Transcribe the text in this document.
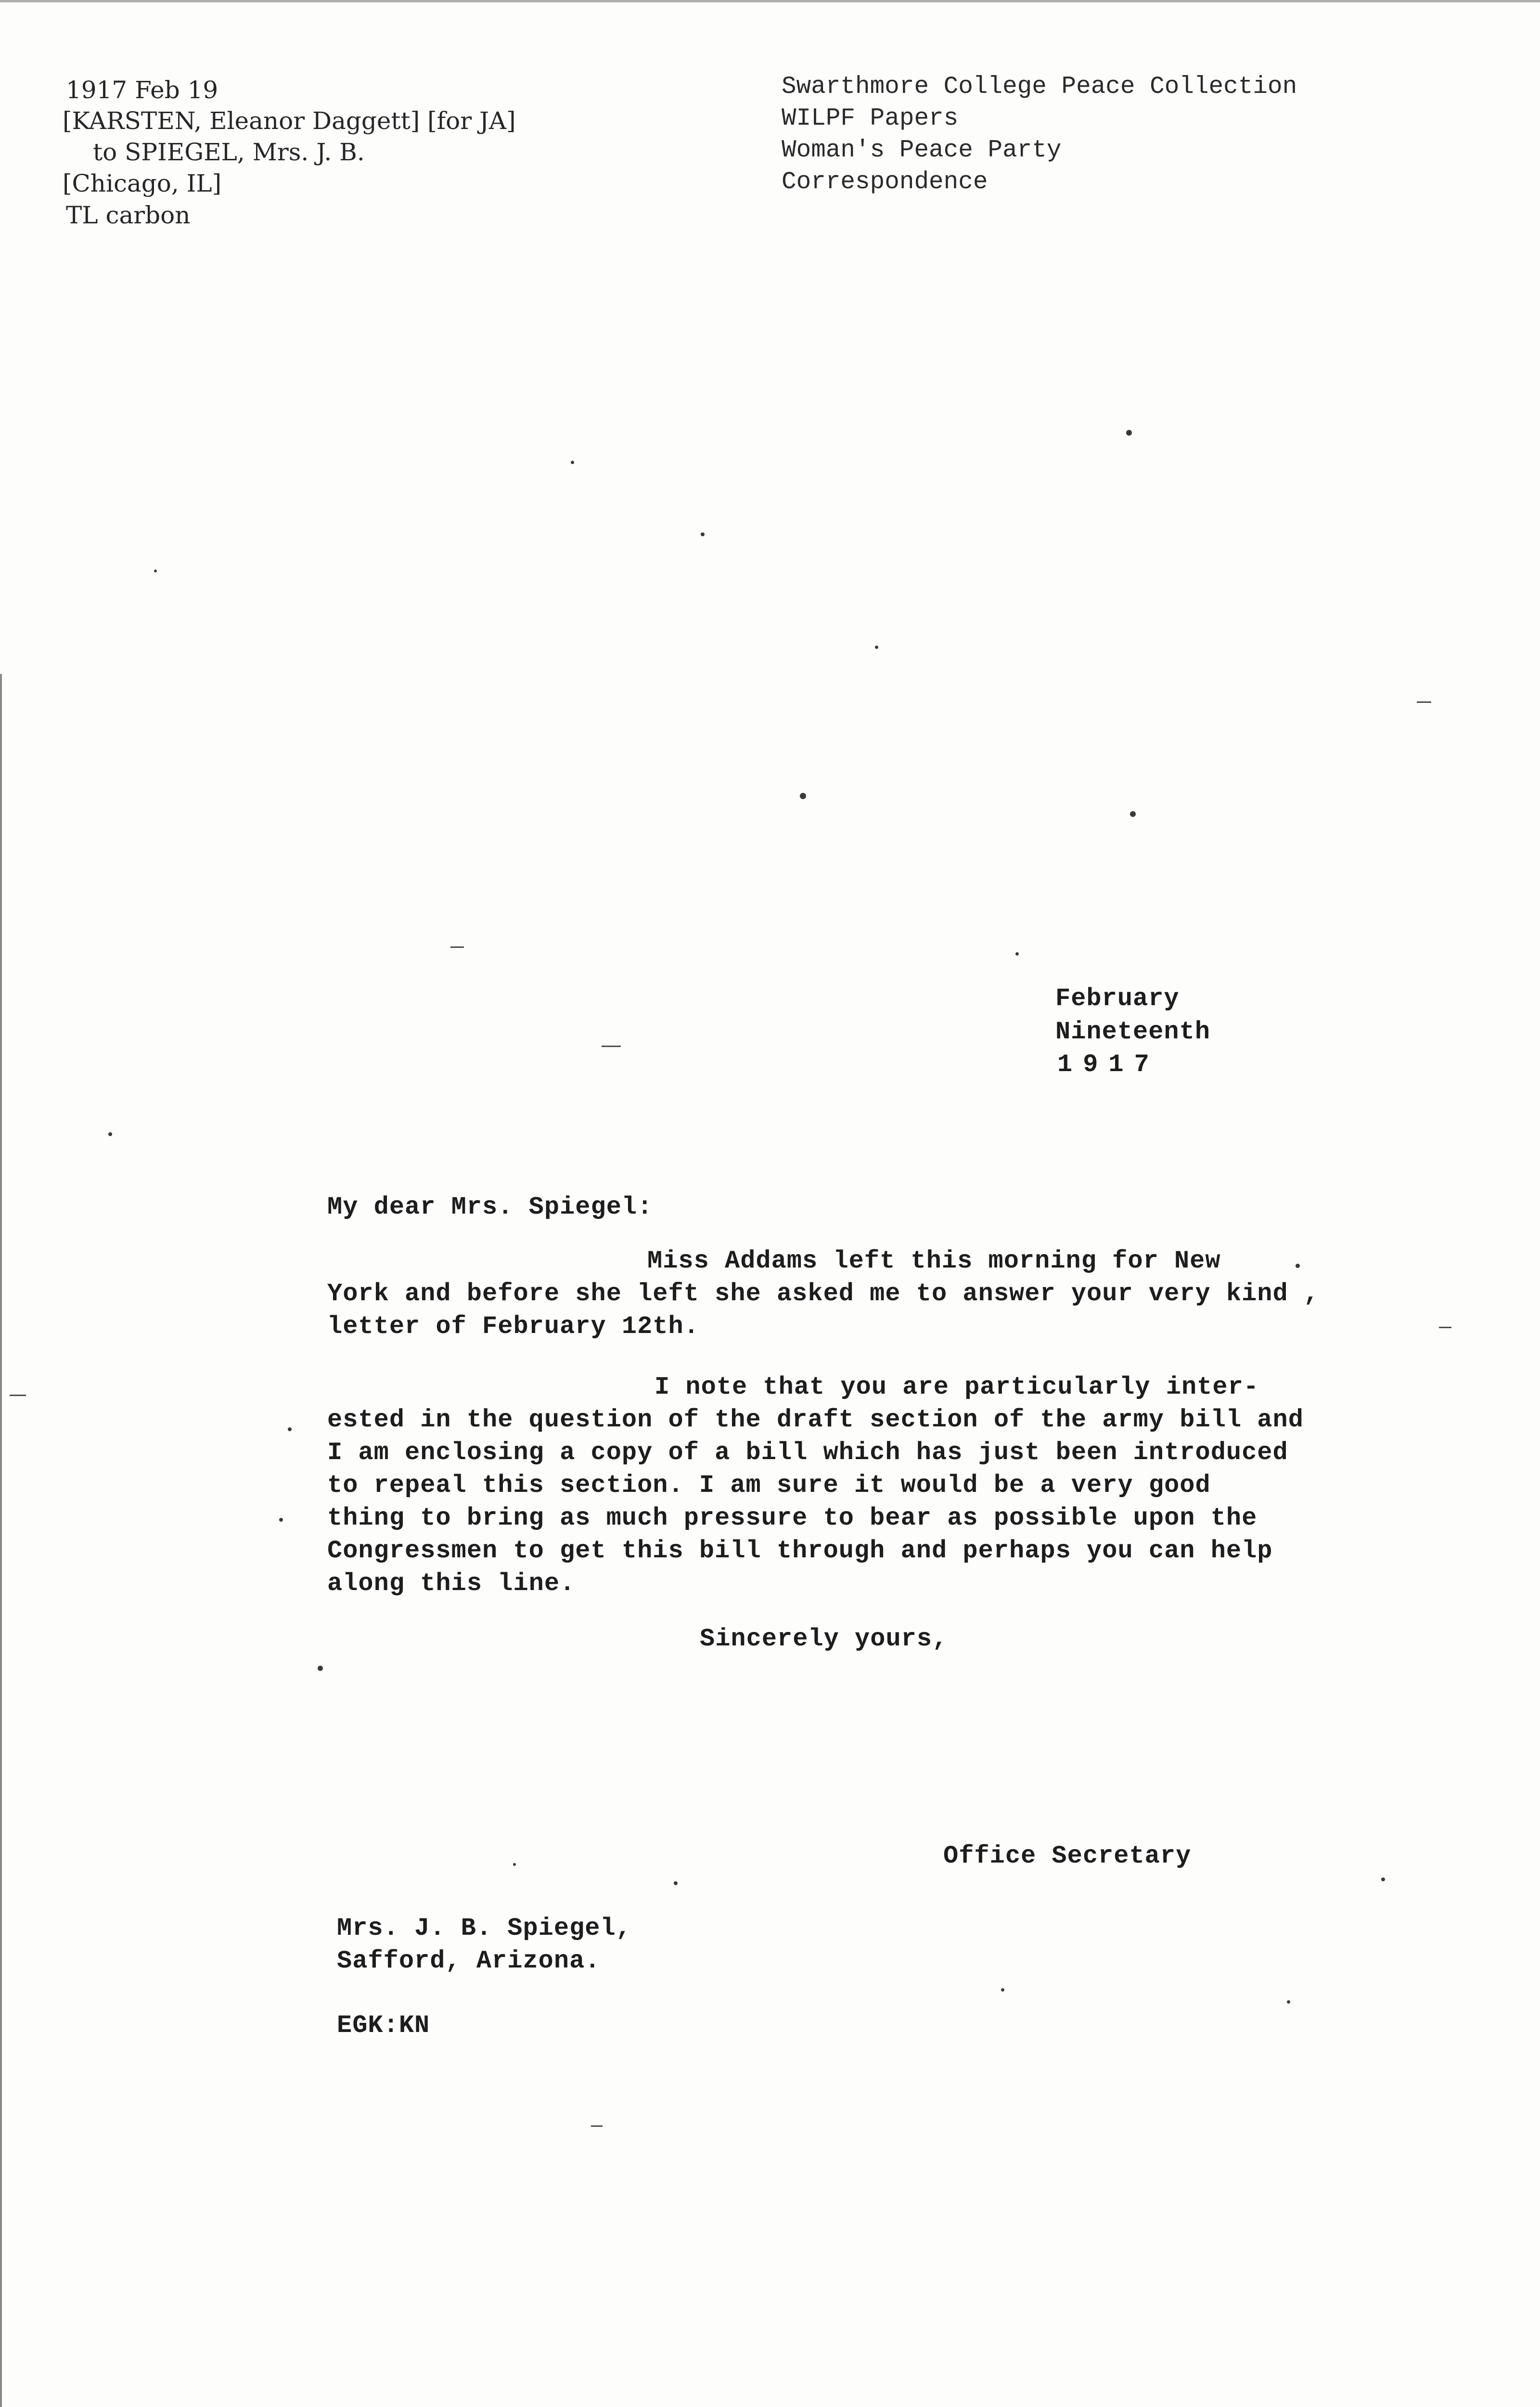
1917 Feb 19
[KARSTEN, Eleanor Daggett] [for JA]
to SPIEGEL, Mrs. J. B.
[Chicago, IL]
TL carbon
Swarthmore College Peace Collection
WILPF Papers
Woman's Peace Party
Correspondence
February
Nineteenth
1917
My dear Mrs. Spiegel:
Miss Addams left this morning for New
York and before she left she asked me to answer your very kind ,
letter of February 12th.
I note that you are particularly inter-
ested in the question of the draft section of the army bill and
I am enclosing a copy of a bill which has just been introduced
to repeal this section. I am sure it would be a very good
thing to bring as much pressure to bear as possible upon the
Congressmen to get this bill through and perhaps you can help
along this line.
Sincerely yours,
Office Secretary
Mrs. J. B. Spiegel,
Safford, Arizona.
EGK:KN
